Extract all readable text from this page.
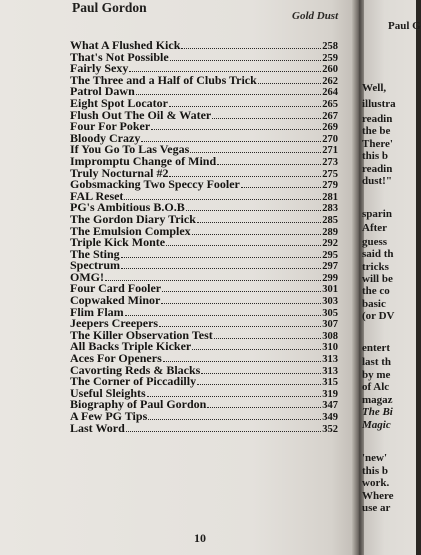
Paul Gordon
Gold Dust
What A Flushed Kick	258
That's Not Possible	259
Fairly Sexy	260
The Three and a Half of Clubs Trick	262
Patrol Dawn	264
Eight Spot Locator	265
Flush Out The Oil & Water	267
Four For Poker	269
Bloody Crazy	270
If You Go To Las Vegas	271
Impromptu Change of Mind	273
Truly Nocturnal #2	275
Gobsmacking Two Speccy Fooler	279
FAL Reset	281
PG's Ambitious B.O.B	283
The Gordon Diary Trick	285
The Emulsion Complex	289
Triple Kick Monte	292
The Sting	295
Spectrum	297
OMG!	299
Four Card Fooler	301
Copwaked Minor	303
Flim Flam	305
Jeepers Creepers	307
The Killer Observation Test	308
All Backs Triple Kicker	310
Aces For Openers	313
Cavorting Reds & Blacks	313
The Corner of Piccadilly	315
Useful Sleights	319
Biography of Paul Gordon	347
A Few PG Tips	349
Last Word	352
10
Paul G
Well,
illustra
readin
the be
There'
this b
readin
dust!"
sparin
After
guess
said th
tricks
will be
the co
basic
(or DV
entert
last th
by me
of Alc
magaz
The Bi
Magic
'new'
this b
work.
Where
use ar
